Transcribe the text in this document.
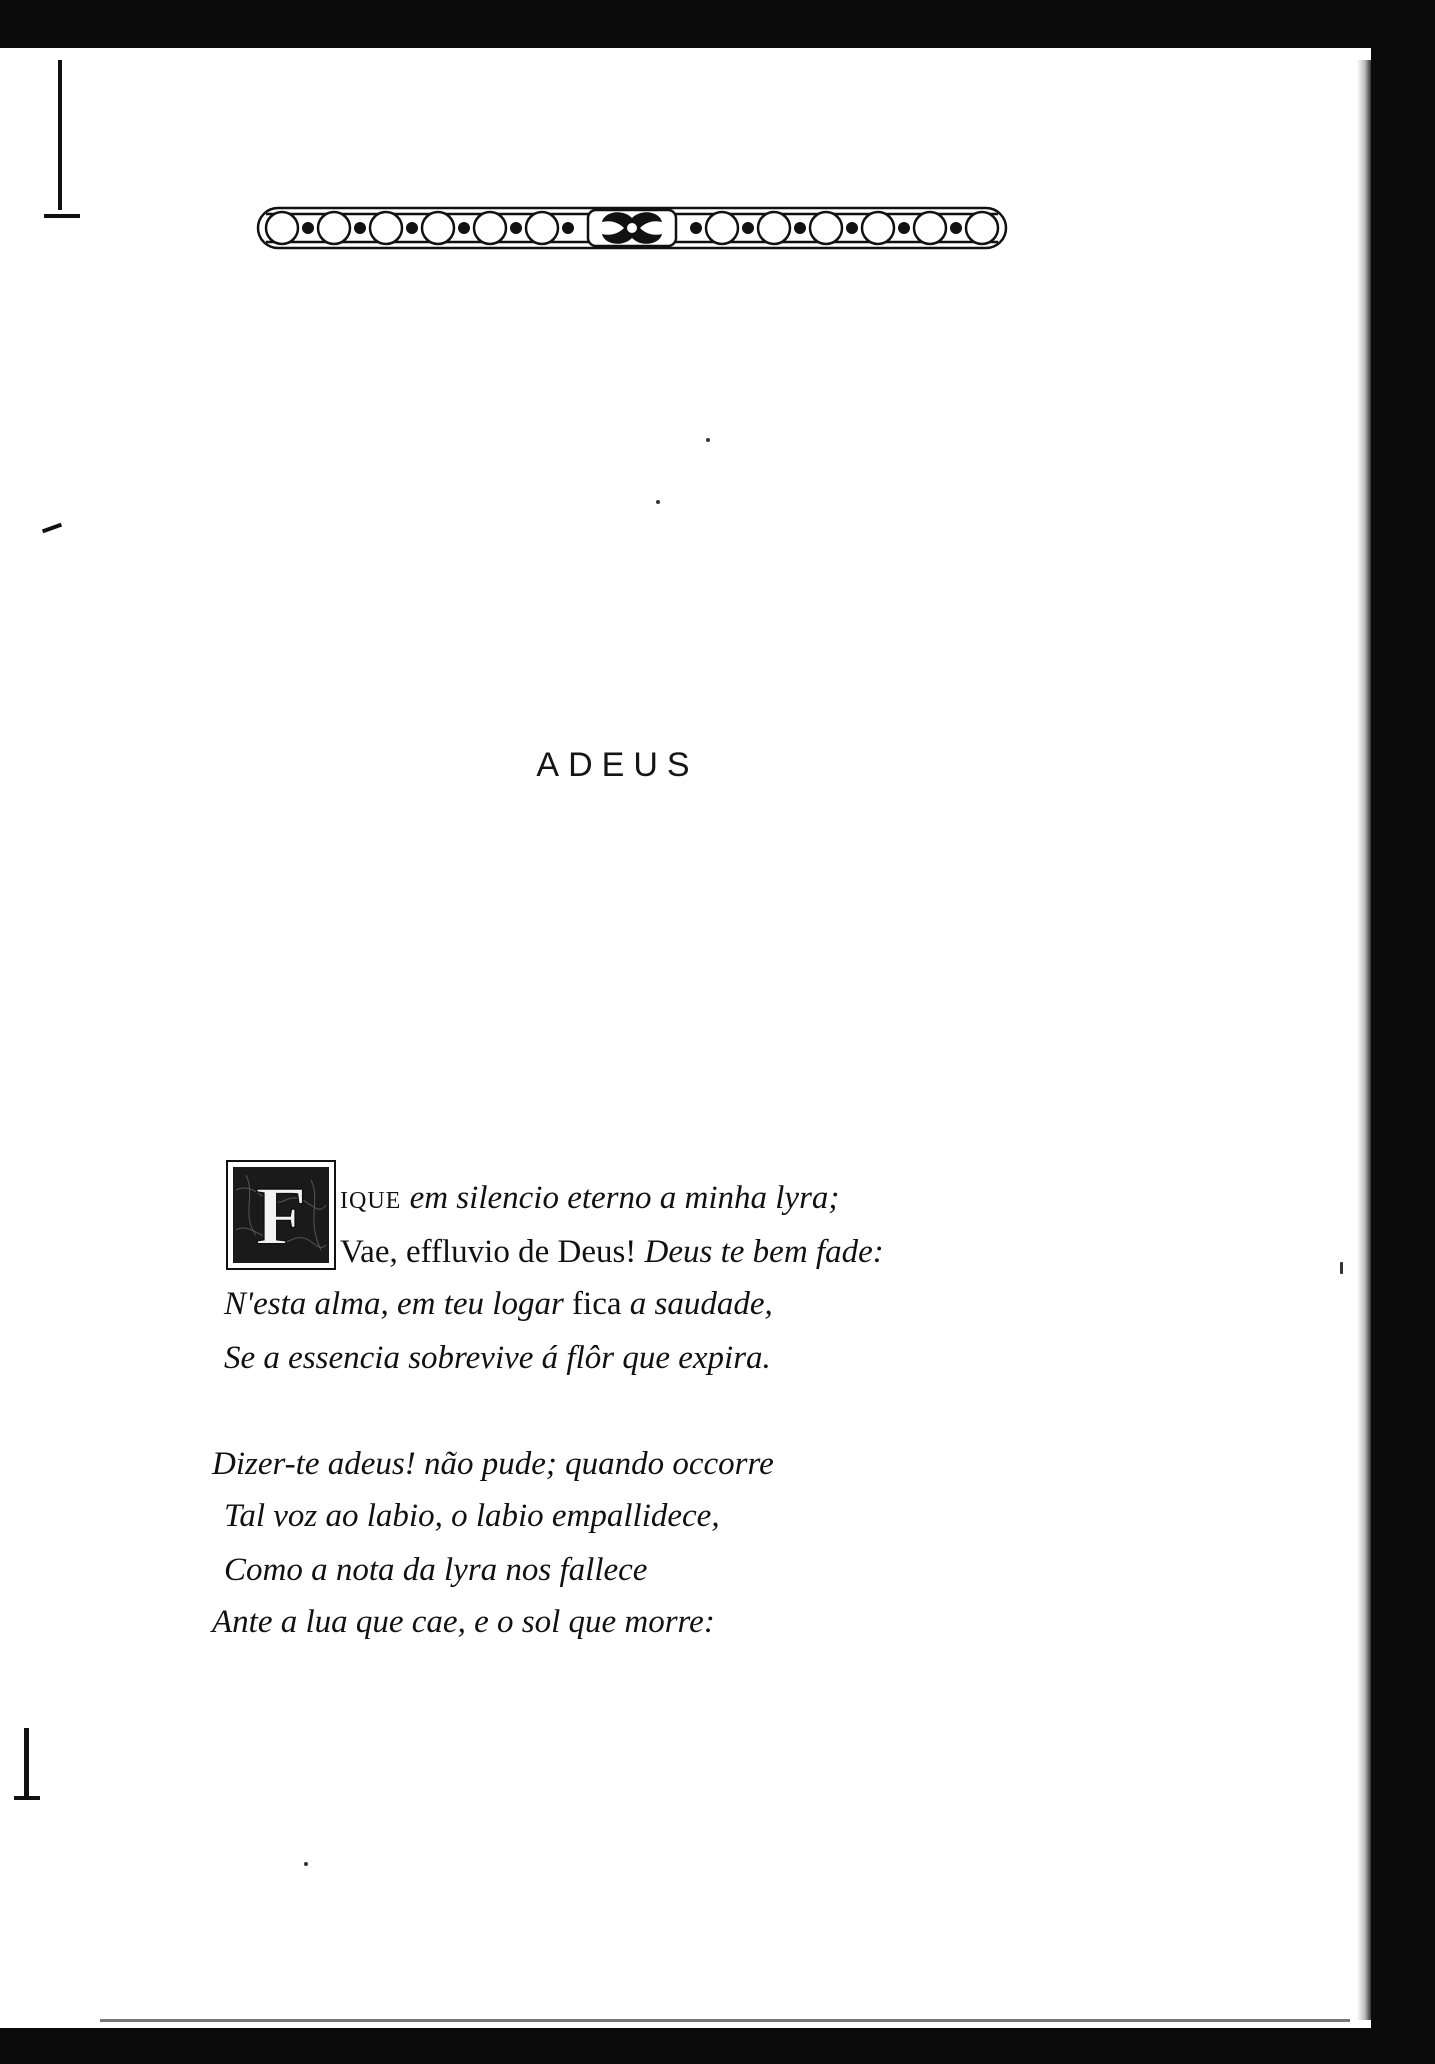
ADEUS
F IQUE em silencio eterno a minha lyra;
Vae, effluvio de Deus! Deus te bem fade:
N'esta alma, em teu logar fica a saudade,
Se a essencia sobrevive á flôr que expira.
Dizer-te adeus! não pude; quando occorre
Tal voz ao labio, o labio empallidece,
Como a nota da lyra nos fallece
Ante a lua que cae, e o sol que morre:
